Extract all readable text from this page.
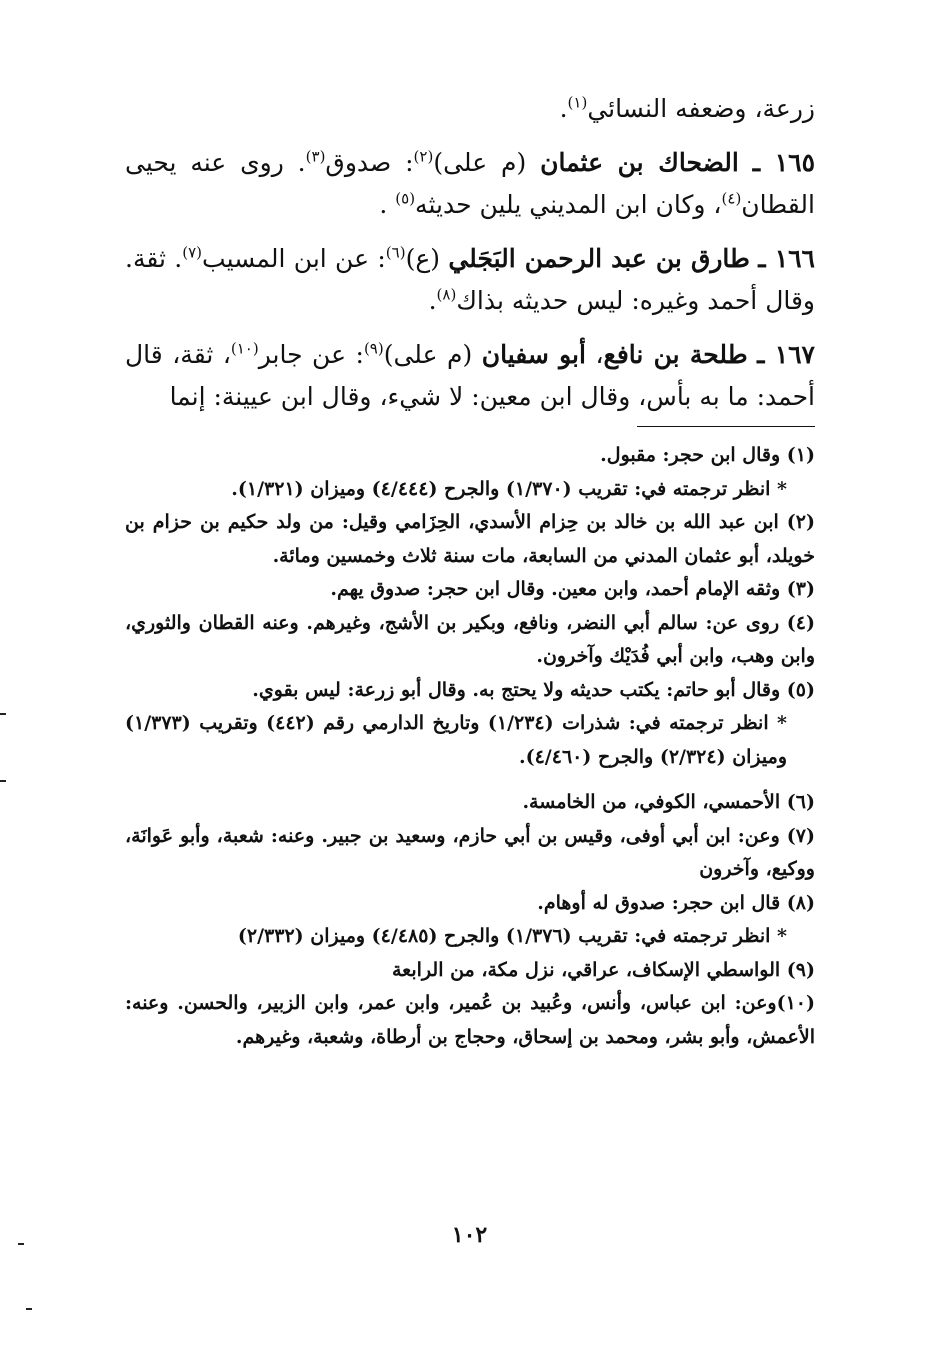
زرعة، وضعفه النسائي$^{(١)}$.

١٦٥ ـ الضحاك بن عثمان (م على)$^{(٢)}$: صدوق$^{(٣)}$. روى عنه يحيى القطان$^{(٤)}$، وكان ابن المديني يلين حديثه$^{(٥)}$ .

١٦٦ ـ طارق بن عبد الرحمن البَجَلي (ع)$^{(٦)}$: عن ابن المسيب$^{(٧)}$. ثقة. وقال أحمد وغيره: ليس حديثه بذاك$^{(٨)}$.

١٦٧ ـ طلحة بن نافع، أبو سفيان (م على)$^{(٩)}$: عن جابر$^{(١٠)}$، ثقة، قال أحمد: ما به بأس، وقال ابن معين: لا شيء، وقال ابن عيينة: إنما

(١) وقال ابن حجر: مقبول.

* انظر ترجمته في: تقريب (١/٣٧٠) والجرح (٤/٤٤٤) وميزان (١/٣٢١).

(٢) ابن عبد الله بن خالد بن حِزام الأسدي، الحِزَامي وقيل: من ولد حكيم بن حزام بن خويلد، أبو عثمان المدني من السابعة، مات سنة ثلاث وخمسين ومائة.

(٣) وثقه الإمام أحمد، وابن معين. وقال ابن حجر: صدوق يهم.

(٤) روى عن: سالم أبي النضر، ونافع، وبكير بن الأشج، وغيرهم. وعنه القطان والثوري، وابن وهب، وابن أبي فُدَيْك وآخرون.

(٥) وقال أبو حاتم: يكتب حديثه ولا يحتج به. وقال أبو زرعة: ليس بقوي.

* انظر ترجمته في: شذرات (١/٢٣٤) وتاريخ الدارمي رقم (٤٤٢) وتقريب (١/٣٧٣) وميزان (٢/٣٢٤) والجرح (٤/٤٦٠).

(٦) الأحمسي، الكوفي، من الخامسة.

(٧) وعن: ابن أبي أوفى، وقيس بن أبي حازم، وسعيد بن جبير. وعنه: شعبة، وأبو عَوانَة، ووكيع، وآخرون

(٨) قال ابن حجر: صدوق له أوهام.

* انظر ترجمته في: تقريب (١/٣٧٦) والجرح (٤/٤٨٥) وميزان (٢/٣٣٢)

(٩) الواسطي الإسكاف، عراقي، نزل مكة، من الرابعة

(١٠)وعن: ابن عباس، وأنس، وعُبيد بن عُمير، وابن عمر، وابن الزبير، والحسن. وعنه: الأعمش، وأبو بشر، ومحمد بن إسحاق، وحجاج بن أرطاة، وشعبة، وغيرهم.

١٠٢
